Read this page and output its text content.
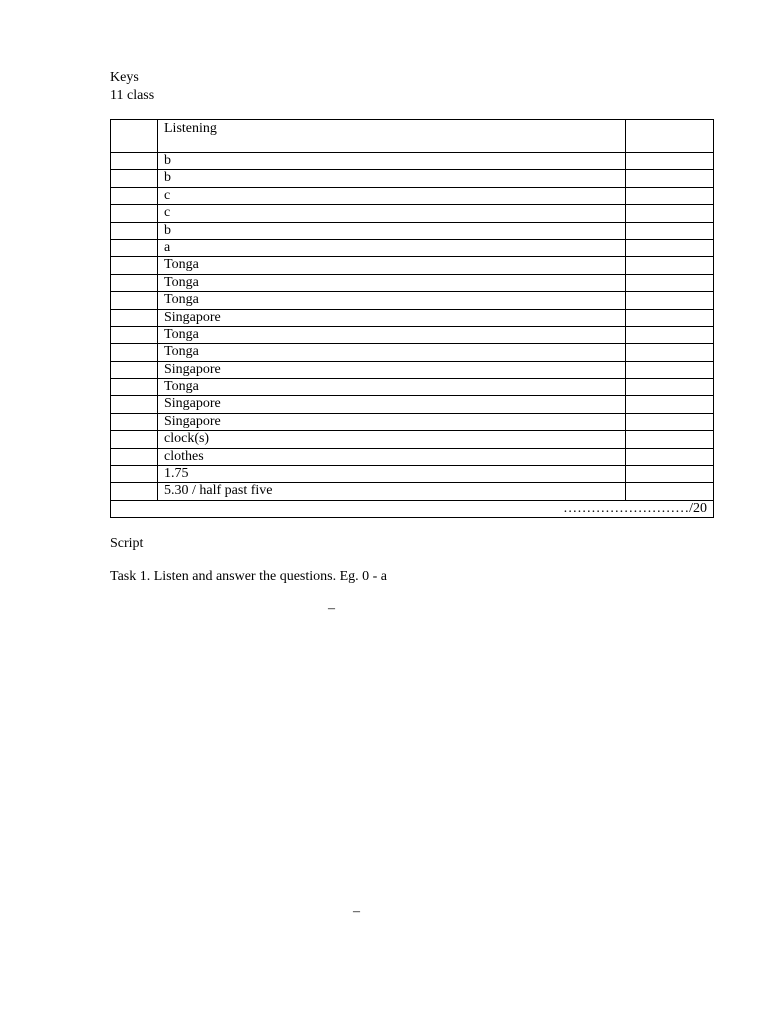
Keys
11 class
	Listening	
	b	
	b	
	c	
	c	
	b	
	a	
	Tonga	
	Tonga	
	Tonga	
	Singapore	
	Tonga	
	Tonga	
	Singapore	
	Tonga	
	Singapore	
	Singapore	
	clock(s)	
	clothes	
	1.75	
	5.30 / half past five	
………………………/20		
Script
Task 1. Listen and answer the questions. Eg. 0 - a
–
–
